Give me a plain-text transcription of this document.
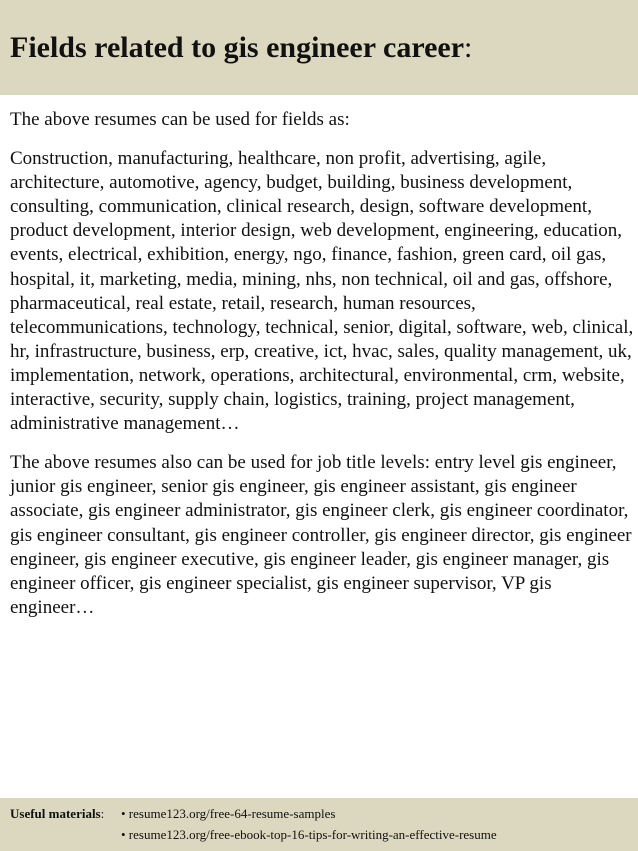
Fields related to gis engineer career:

The above resumes can be used for fields as:

Construction, manufacturing, healthcare, non profit, advertising, agile, architecture, automotive, agency, budget, building, business development, consulting, communication, clinical research, design, software development, product development, interior design, web development, engineering, education, events, electrical, exhibition, energy, ngo, finance, fashion, green card, oil gas, hospital, it, marketing, media, mining, nhs, non technical, oil and gas, offshore, pharmaceutical, real estate, retail, research, human resources, telecommunications, technology, technical, senior, digital, software, web, clinical, hr, infrastructure, business, erp, creative, ict, hvac, sales, quality management, uk, implementation, network, operations, architectural, environmental, crm, website, interactive, security, supply chain, logistics, training, project management, administrative management…

The above resumes also can be used for job title levels: entry level gis engineer, junior gis engineer, senior gis engineer, gis engineer assistant, gis engineer associate, gis engineer administrator, gis engineer clerk, gis engineer coordinator, gis engineer consultant, gis engineer controller, gis engineer director, gis engineer engineer, gis engineer executive, gis engineer leader, gis engineer manager, gis engineer officer, gis engineer specialist, gis engineer supervisor, VP gis engineer…

Useful materials: • resume123.org/free-64-resume-samples
• resume123.org/free-ebook-top-16-tips-for-writing-an-effective-resume
